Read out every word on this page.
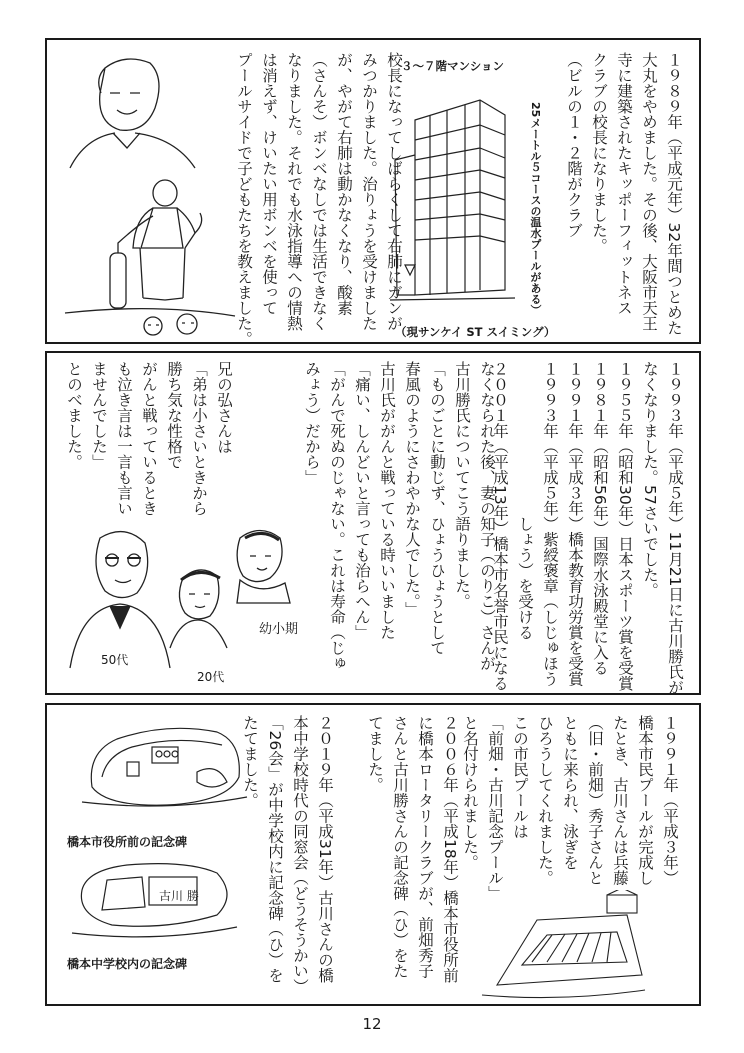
校長になってしばらくして右肺にガンが
みつかりました。治りょうを受けました
が、やがて右肺は動かなくなり、酸素
（さんそ）ボンベなしでは生活できなく
なりました。それでも水泳指導への情熱
は消えず、けいたい用ボンベを使って
プールサイドで子どもたちを教えました。	３～７階マンション
25メートル５コースの温水プールがある）
（現サンケイ ST スイミング）	１９８９年（平成元年）32年間つとめた
大丸をやめました。その後、大阪市天王
寺に建築されたキッポーフィットネス
クラブの校長になりました。
（ビルの１・２階がクラブ
兄の弘さんは
「弟は小さいときから
勝ち気な性格で
がんと戦っているとき
も泣き言は一言も言い
ませんでした」
とのべました。
幼小期
20代
50代	なくなられた後、妻の知子（のりこ）さんが
古川勝氏についてこう語りました。
「ものごとに動じず、ひょうひょうとして
春風のようにさわやかな人でした。」
古川氏ががんと戦っている時いいました
「痛い、しんどいと言っても治らへん」
「がんで死ぬのじゃない。これは寿命（じゅ
みょう）だから」	１９９３年（平成５年）11月21日に古川勝氏が
なくなりました。57さいでした。
１９５５年（昭和30年）日本スポーツ賞を受賞
１９８１年（昭和56年）国際水泳殿堂に入る
１９９１年（平成３年）橋本教育功労賞を受賞
１９９３年（平成５年）紫綬褒章（しじゅほう
　　　　　　　　　　しょう）を受ける
２００１年（平成13年）橋本市名誉市民になる
橋本市役所前の記念碑
古川 勝
橋本中学校内の記念碑	２００６年（平成18年）橋本市役所前
に橋本ロータリークラブが、前畑秀子
さんと古川勝さんの記念碑（ひ）をた
てました。

２０１９年（平成31年）古川さんの橋
本中学校時代の同窓会（どうそうかい）
「26会」が中学校内に記念碑（ひ）を
たてました。	１９９１年（平成３年）
橋本市民プールが完成し
たとき、古川さんは兵藤
（旧・前畑）秀子さんと
ともに来られ、泳ぎを
ひろうしてくれました。
この市民プールは
「前畑・古川記念プール」
と名付けられました。
12
